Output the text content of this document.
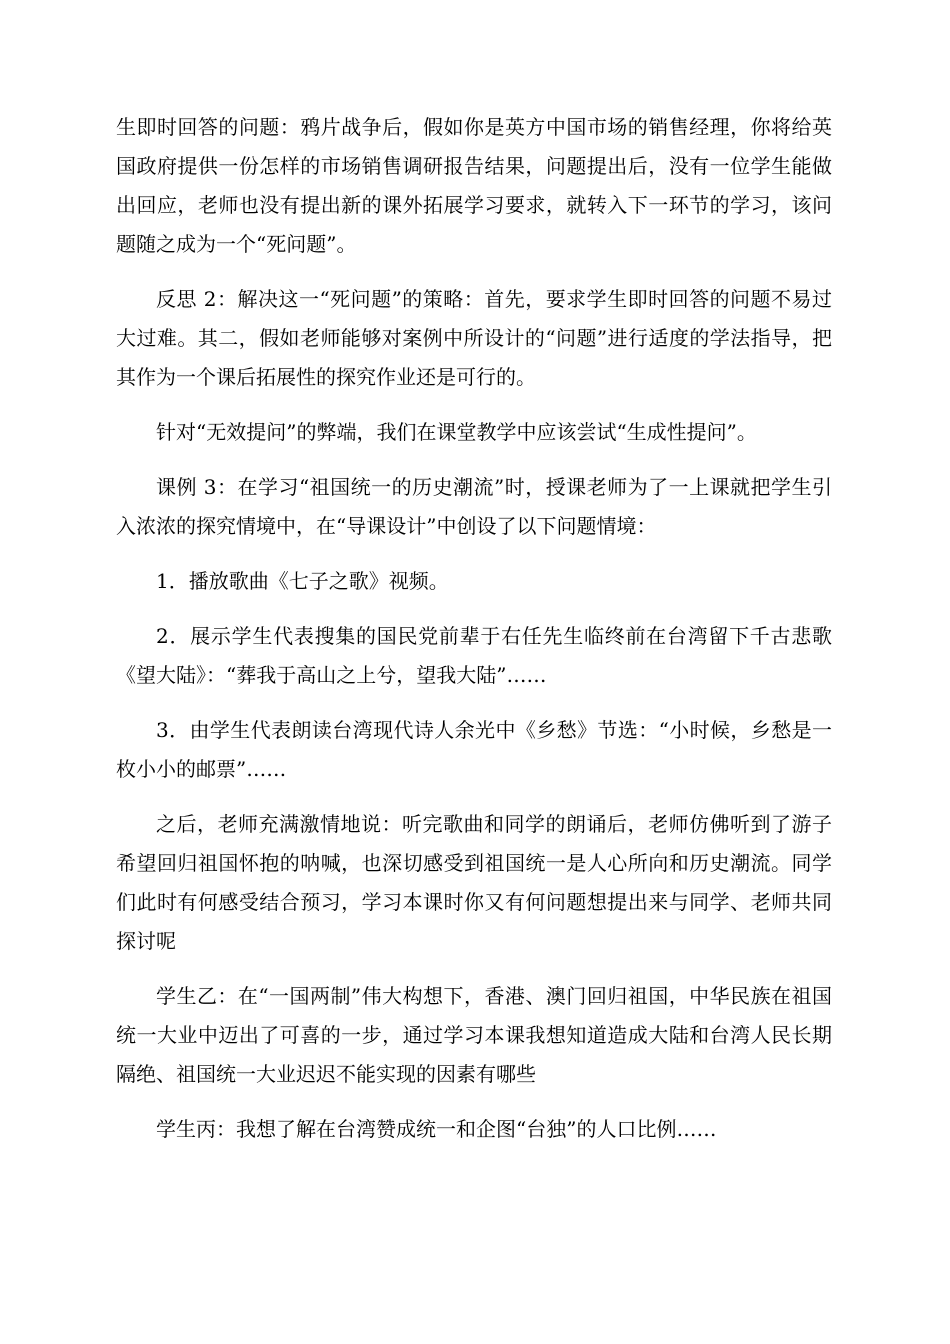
生即时回答的问题：鸦片战争后，假如你是英方中国市场的销售经理，你将给英国政府提供一份怎样的市场销售调研报告结果，问题提出后，没有一位学生能做出回应，老师也没有提出新的课外拓展学习要求，就转入下一环节的学习，该问题随之成为一个“死问题”。

反思 2：解决这一“死问题”的策略：首先，要求学生即时回答的问题不易过大过难。其二，假如老师能够对案例中所设计的“问题”进行适度的学法指导，把其作为一个课后拓展性的探究作业还是可行的。

针对“无效提问”的弊端，我们在课堂教学中应该尝试“生成性提问”。

课例 3：在学习“祖国统一的历史潮流”时，授课老师为了一上课就把学生引入浓浓的探究情境中，在“导课设计”中创设了以下问题情境：

1．播放歌曲《七子之歌》视频。

2．展示学生代表搜集的国民党前辈于右任先生临终前在台湾留下千古悲歌《望大陆》：“葬我于高山之上兮，望我大陆”……

3．由学生代表朗读台湾现代诗人余光中《乡愁》节选：“小时候，乡愁是一枚小小的邮票”……

之后，老师充满激情地说：听完歌曲和同学的朗诵后，老师仿佛听到了游子希望回归祖国怀抱的呐喊，也深切感受到祖国统一是人心所向和历史潮流。同学们此时有何感受结合预习，学习本课时你又有何问题想提出来与同学、老师共同探讨呢

学生乙：在“一国两制”伟大构想下，香港、澳门回归祖国，中华民族在祖国统一大业中迈出了可喜的一步，通过学习本课我想知道造成大陆和台湾人民长期隔绝、祖国统一大业迟迟不能实现的因素有哪些

学生丙：我想了解在台湾赞成统一和企图“台独”的人口比例……
